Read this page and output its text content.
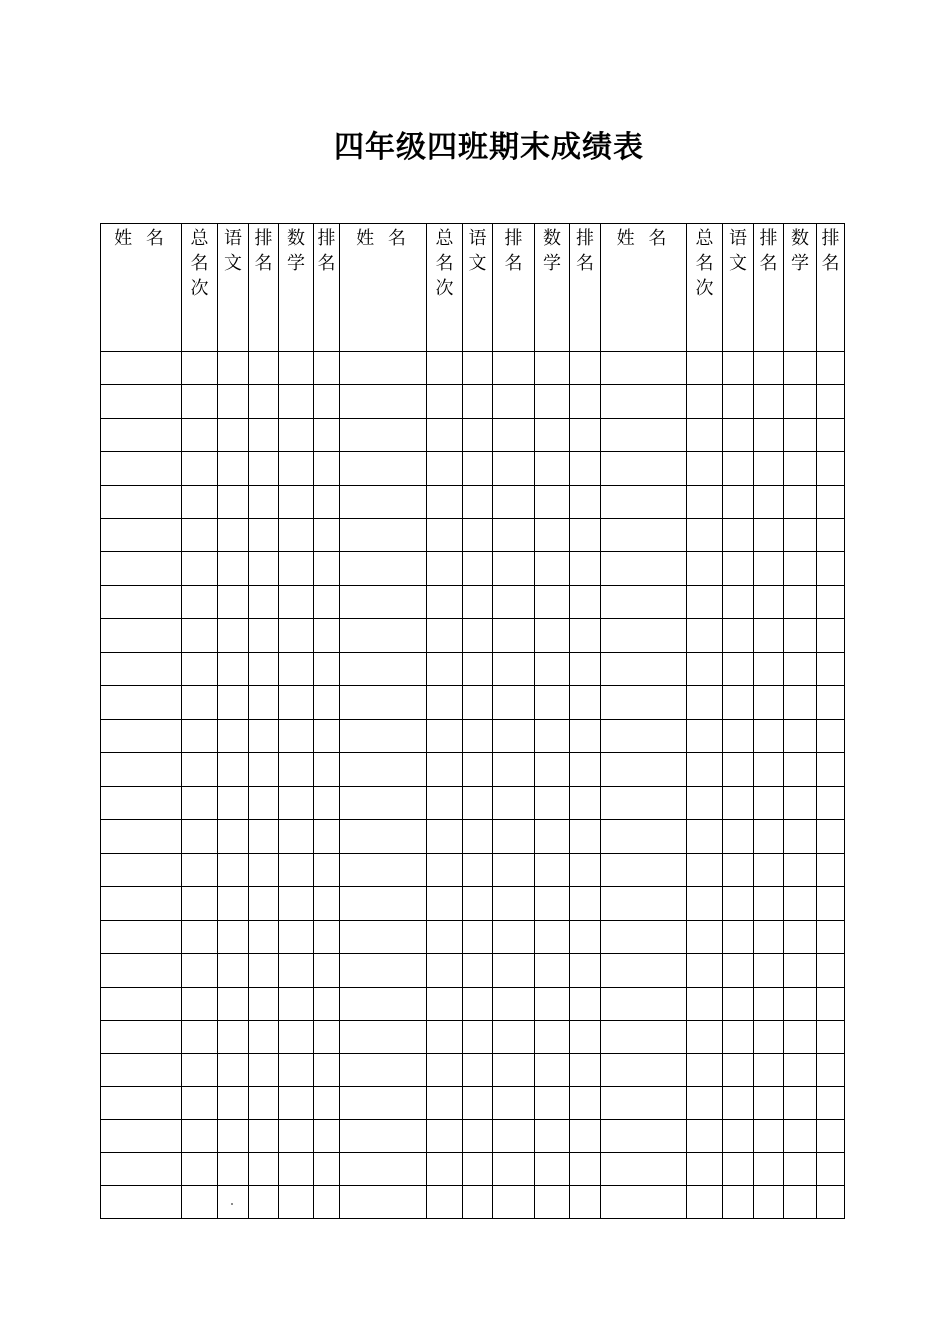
四年级四班期末成绩表
姓 名	总名次	语文	排名	数学	排名	姓 名	总名次	语文	排名	数学	排名	姓 名	总名次	语文	排名	数学	排名
